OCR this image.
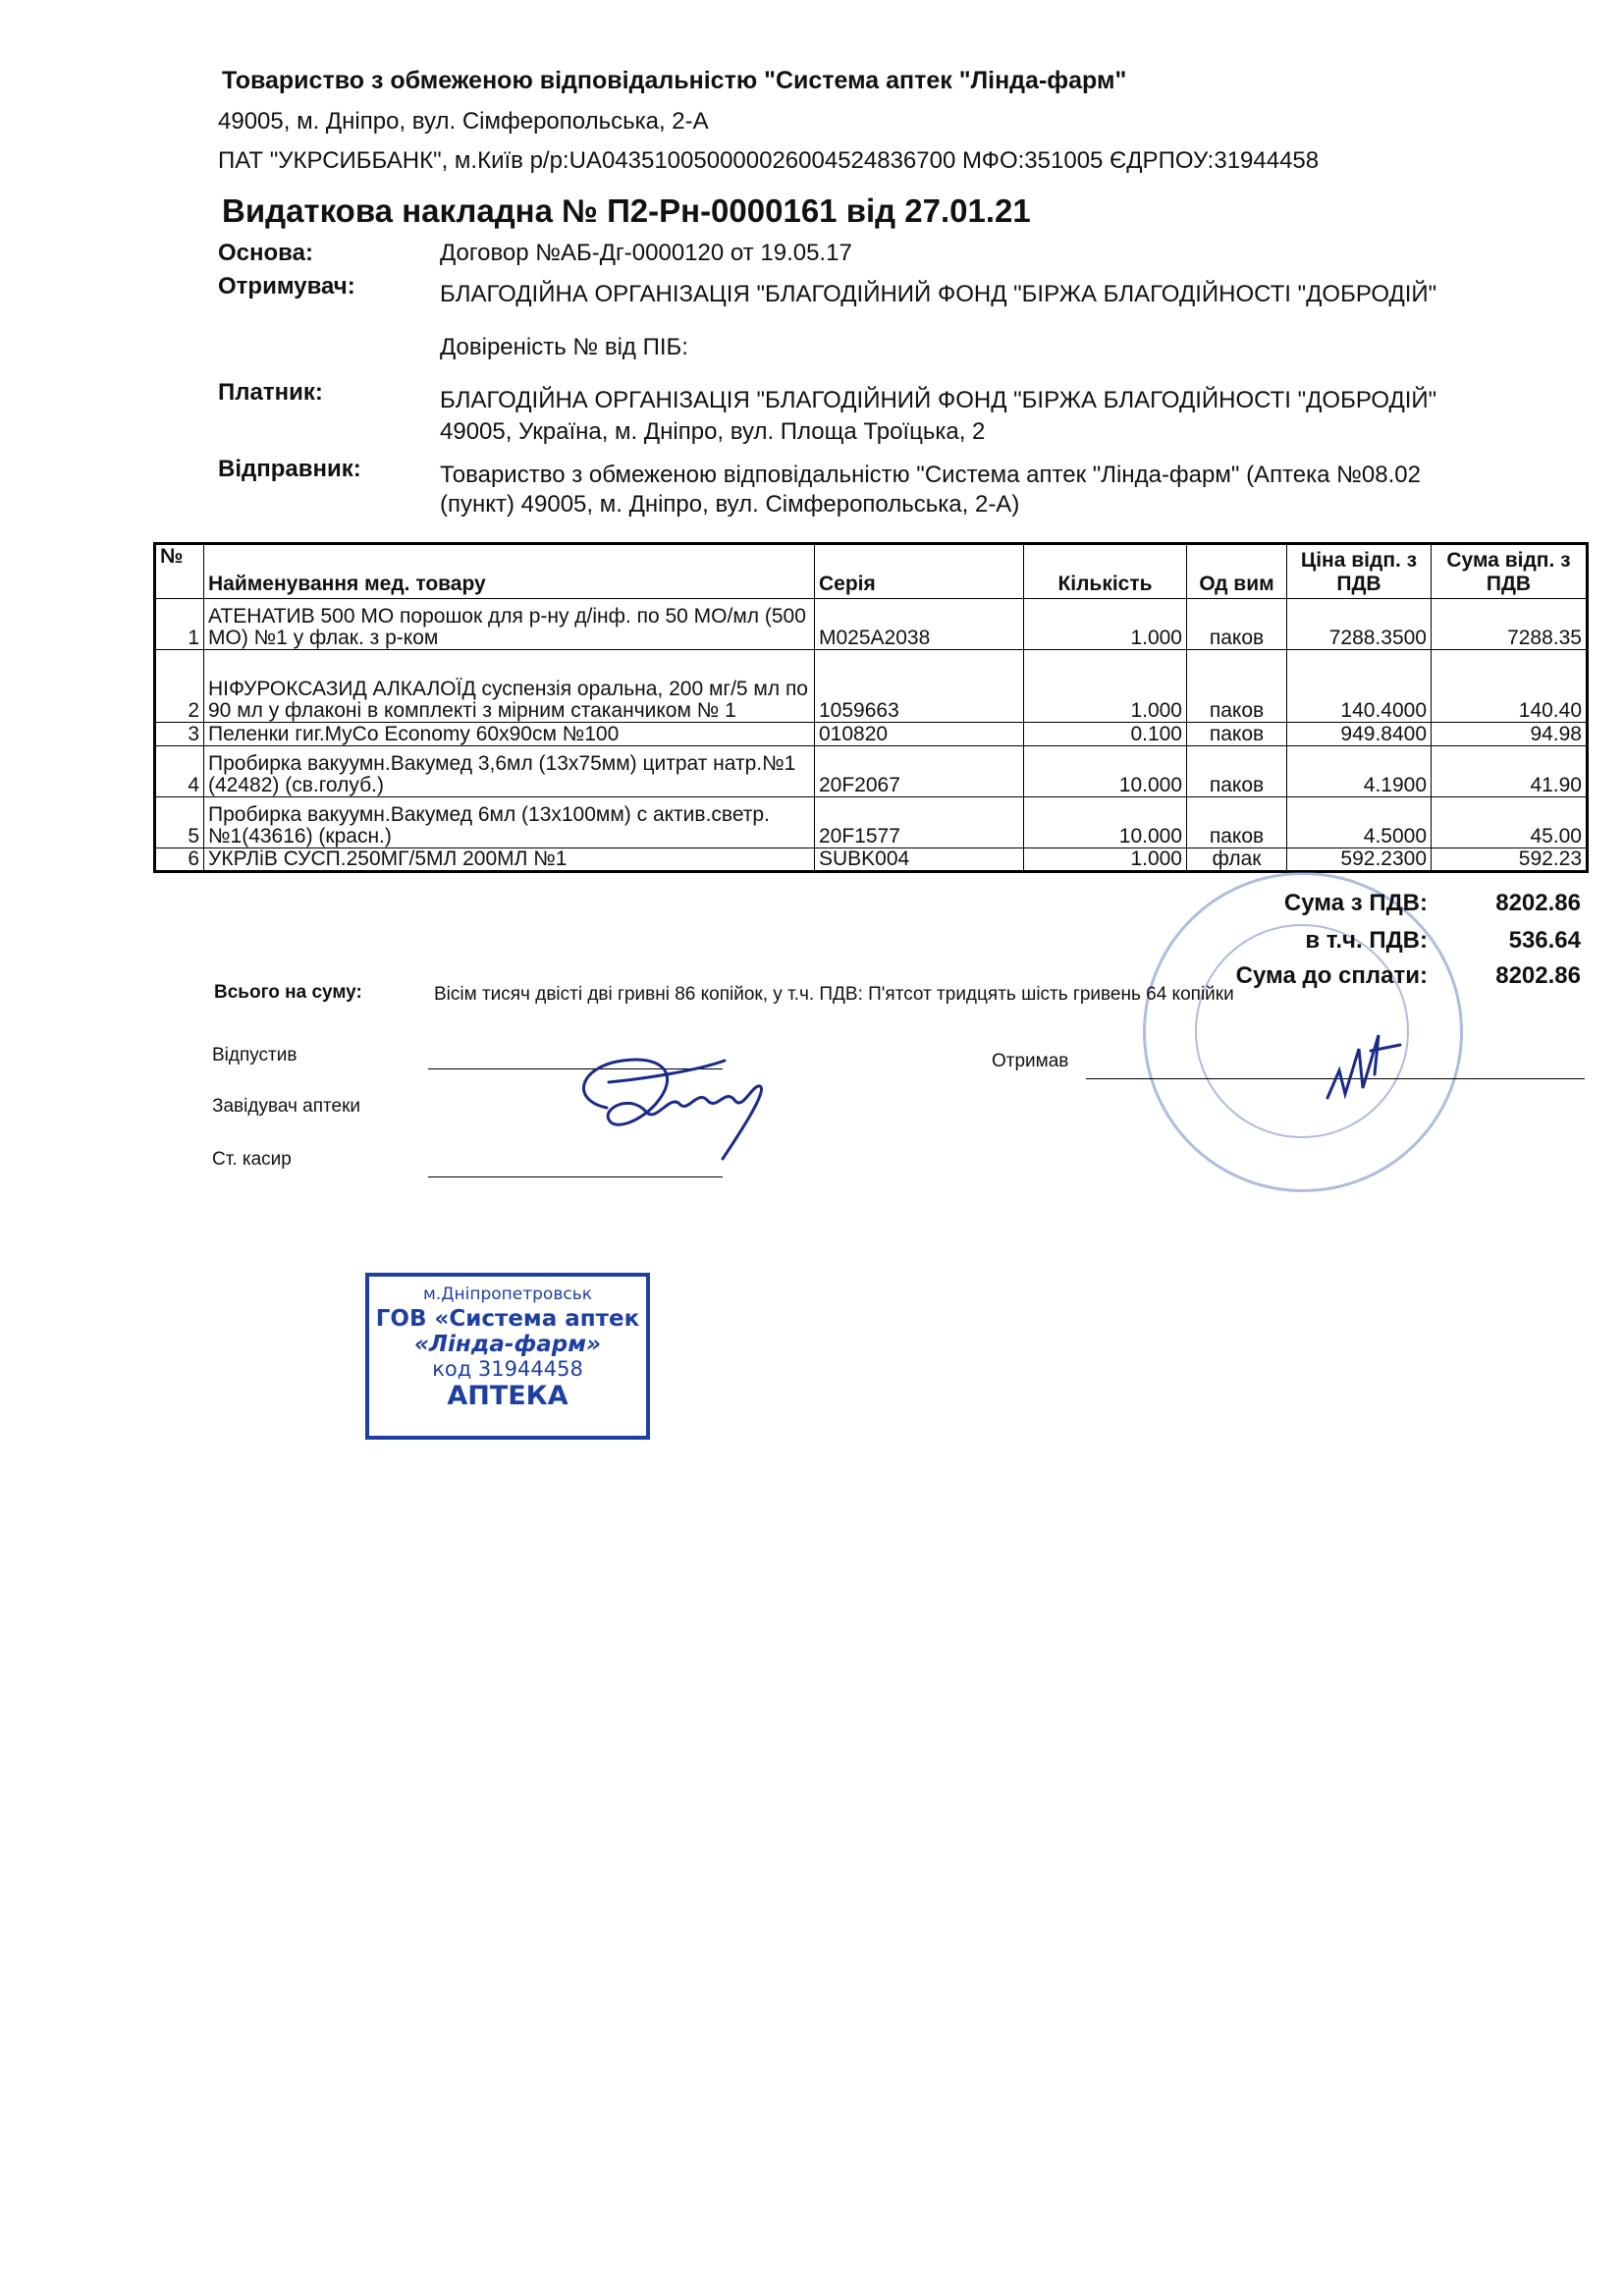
Товариство з обмеженою відповідальністю "Система аптек "Лінда-фарм"
49005, м. Дніпро, вул. Сімферопольська, 2-А
ПАТ "УКРСИББАНК", м.Київ р/р:UA043510050000026004524836700 МФО:351005 ЄДРПОУ:31944458
Видаткова накладна № П2-Рн-0000161 від 27.01.21
Основа:	Договор №АБ-Дг-0000120 от 19.05.17
Отримувач:	БЛАГОДІЙНА ОРГАНІЗАЦІЯ "БЛАГОДІЙНИЙ ФОНД "БІРЖА БЛАГОДІЙНОСТІ "ДОБРОДІЙ"
Довіреність № від ПІБ:
Платник:	БЛАГОДІЙНА ОРГАНІЗАЦІЯ "БЛАГОДІЙНИЙ ФОНД "БІРЖА БЛАГОДІЙНОСТІ "ДОБРОДІЙ"
49005, Україна, м. Дніпро, вул. Площа Троїцька, 2
Відправник:	Товариство з обмеженою відповідальністю "Система аптек "Лінда-фарм" (Аптека №08.02
(пункт) 49005, м. Дніпро, вул. Сімферопольська, 2-А)
№	Найменування мед. товару	Серія	Кількість	Од вим	Ціна відп. з ПДВ	Сума відп. з ПДВ
1	АТЕНАТИВ 500 МО порошок для р-ну д/інф. по 50 МО/мл (500 МО) №1 у флак. з р-ком	M025A2038	1.000	паков	7288.3500	7288.35
2	НІФУРОКСАЗИД АЛКАЛОЇД суспензія оральна, 200 мг/5 мл по 90 мл у флаконі в комплекті з мірним стаканчиком № 1	1059663	1.000	паков	140.4000	140.40
3	Пеленки гиг.MyCo Economy 60x90см №100	010820	0.100	паков	949.8400	94.98
4	Пробирка вакуумн.Вакумед 3,6мл (13х75мм) цитрат натр.№1 (42482) (св.голуб.)	20F2067	10.000	паков	4.1900	41.90
5	Пробирка вакуумн.Вакумед 6мл (13х100мм) с актив.светр.№1(43616) (красн.)	20F1577	10.000	паков	4.5000	45.00
6	УКРЛіВ СУСП.250МГ/5МЛ 200МЛ №1	SUBK004	1.000	флак	592.2300	592.23
Сума з ПДВ:	8202.86
в т.ч. ПДВ:	536.64
Сума до сплати:	8202.86
Всього на суму:	Вісім тисяч двісті дві гривні 86 копійок, у т.ч. ПДВ: П'ятсот тридцять шість гривень 64 копійки
Відпустив
Завідувач аптеки
Ст. касир
Отримав
м.Дніпропетровськ
ГОВ «Система аптек
«Лінда-фарм»
код 31944458
АПТЕКА
